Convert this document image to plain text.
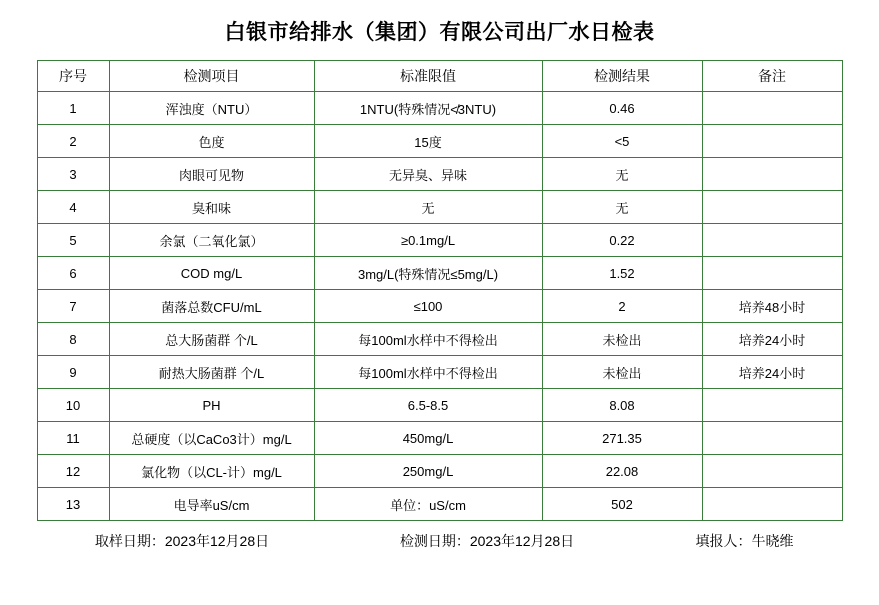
白银市给排水（集团）有限公司出厂水日检表
序号	检测项目	标准限值	检测结果	备注
1	浑浊度（NTU）	1NTU(特殊情况≮3NTU)	0.46	
2	色度	15度	<5	
3	肉眼可见物	无异臭、异味	无	
4	臭和味	无	无	
5	余氯（二氧化氯）	≥0.1mg/L	0.22	
6	COD mg/L	3mg/L(特殊情况≤5mg/L)	1.52	
7	菌落总数CFU/mL	≤100	2	培养48小时
8	总大肠菌群 个/L	每100ml水样中不得检出	未检出	培养24小时
9	耐热大肠菌群 个/L	每100ml水样中不得检出	未检出	培养24小时
10	PH	6.5-8.5	8.08	
11	总硬度（以CaCo3计）mg/L	450mg/L	271.35	
12	氯化物（以CL-计）mg/L	250mg/L	22.08	
13	电导率uS/cm	单位：uS/cm	502	
取样日期：2023年12月28日	检测日期：2023年12月28日	填报人：牛晓维
